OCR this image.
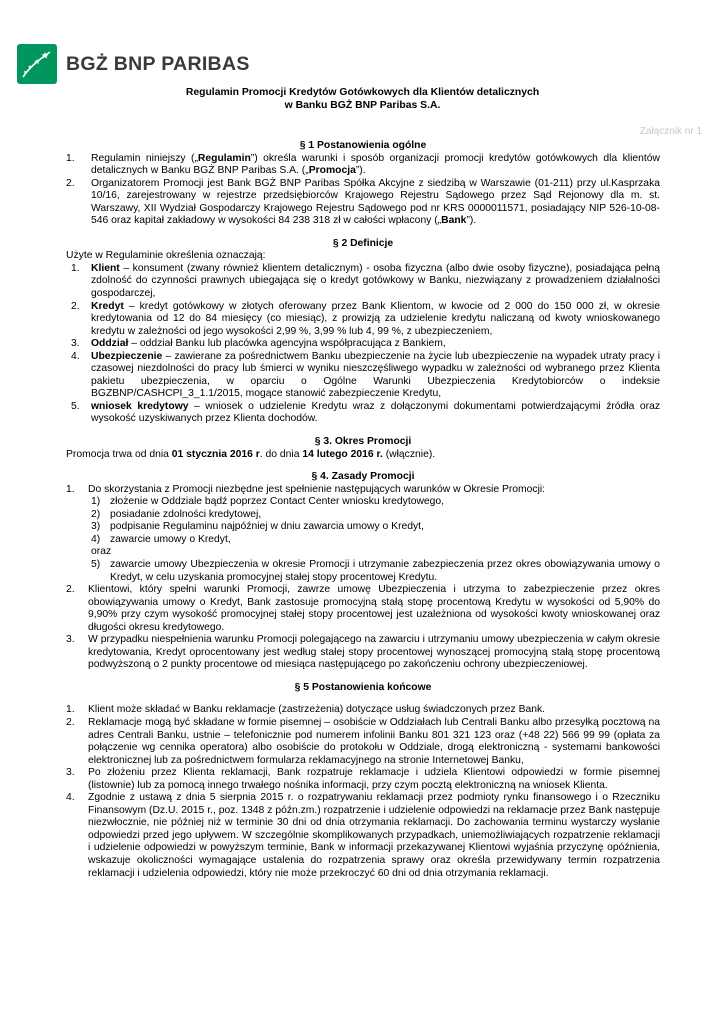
BGŻ BNP PARIBAS
Regulamin Promocji Kredytów Gotówkowych dla Klientów detalicznych
w Banku BGŻ BNP Paribas S.A.
Załącznik nr 1
§ 1 Postanowienia ogólne
1. Regulamin niniejszy („Regulamin”) określa warunki i sposób organizacji promocji kredytów gotówkowych dla klientów detalicznych w Banku BGŻ BNP Paribas S.A. („Promocja”).
2. Organizatorem Promocji jest Bank BGŻ BNP Paribas Spółka Akcyjne z siedzibą w Warszawie (01-211) przy ul.Kasprzaka 10/16, zarejestrowany w rejestrze przedsiębiorców Krajowego Rejestru Sądowego przez Sąd Rejonowy dla m. st. Warszawy, XII Wydział Gospodarczy Krajowego Rejestru Sądowego pod nr KRS 0000011571, posiadający NIP 526-10-08-546 oraz kapitał zakładowy w wysokości 84 238 318 zł w całości wpłacony („Bank”).
§ 2 Definicje
Użyte w Regulaminie określenia oznaczają:
1. Klient – konsument (zwany również klientem detalicznym) - osoba fizyczna (albo dwie osoby fizyczne), posiadająca pełną zdolność do czynności prawnych ubiegająca się o kredyt gotówkowy w Banku, niezwiązany z prowadzeniem działalności gospodarczej,
2. Kredyt – kredyt gotówkowy w złotych oferowany przez Bank Klientom, w kwocie od 2 000 do 150 000 zł, w okresie kredytowania od 12 do 84 miesięcy (co miesiąc), z prowizją za udzielenie kredytu naliczaną od kwoty wnioskowanego kredytu w zależności od jego wysokości 2,99 %, 3,99 % lub 4, 99 %, z ubezpieczeniem,
3. Oddział – oddział Banku lub placówka agencyjna współpracująca z Bankiem,
4. Ubezpieczenie – zawierane za pośrednictwem Banku ubezpieczenie na życie lub ubezpieczenie na wypadek utraty pracy i czasowej niezdolności do pracy lub śmierci w wyniku nieszczęśliwego wypadku w zależności od wybranego przez Klienta pakietu ubezpieczenia, w oparciu o Ogólne Warunki Ubezpieczenia Kredytobiorców o indeksie BGZBNP/CASHCPI_3_1.1/2015, mogące stanowić zabezpieczenie Kredytu,
5. wniosek kredytowy – wniosek o udzielenie Kredytu wraz z dołączonymi dokumentami potwierdzającymi źródła oraz wysokość uzyskiwanych przez Klienta dochodów.
§ 3. Okres Promocji
Promocja trwa od dnia 01 stycznia 2016 r. do dnia 14 lutego 2016 r. (włącznie).
§ 4. Zasady Promocji
1. Do skorzystania z Promocji niezbędne jest spełnienie następujących warunków w Okresie Promocji:
1) złożenie w Oddziale bądź poprzez Contact Center wniosku kredytowego,
2) posiadanie zdolności kredytowej,
3) podpisanie Regulaminu najpóźniej w dniu zawarcia umowy o Kredyt,
4) zawarcie umowy o Kredyt,
oraz
5) zawarcie umowy Ubezpieczenia w okresie Promocji i utrzymanie zabezpieczenia przez okres obowiązywania umowy o Kredyt, w celu uzyskania promocyjnej stałej stopy procentowej Kredytu.
2. Klientowi, który spełni warunki Promocji, zawrze umowę Ubezpieczenia i utrzyma to zabezpieczenie przez okres obowiązywania umowy o Kredyt, Bank zastosuje promocyjną stałą stopę procentową Kredytu w wysokości od 5,90% do 9,90% przy czym wysokość promocyjnej stałej stopy procentowej jest uzależniona od wysokości kwoty wnioskowanej oraz długości okresu kredytowego.
3. W przypadku niespełnienia warunku Promocji polegającego na zawarciu i utrzymaniu umowy ubezpieczenia w całym okresie kredytowania, Kredyt oprocentowany jest według stałej stopy procentowej wynoszącej promocyjną stałą stopę procentową podwyższoną o 2 punkty procentowe od miesiąca następującego po zakończeniu ochrony ubezpieczeniowej.
§ 5 Postanowienia końcowe
1. Klient może składać w Banku reklamacje (zastrzeżenia) dotyczące usług świadczonych przez Bank.
2. Reklamacje mogą być składane w formie pisemnej – osobiście w Oddziałach lub Centrali Banku albo przesyłką pocztową na adres Centrali Banku, ustnie – telefonicznie pod numerem infolinii Banku 801 321 123 oraz (+48 22) 566 99 99 (opłata za połączenie wg cennika operatora) albo osobiście do protokołu w Oddziale, drogą elektroniczną - systemami bankowości elektronicznej lub za pośrednictwem formularza reklamacyjnego na stronie Internetowej Banku,
3. Po złożeniu przez Klienta reklamacji, Bank rozpatruje reklamacje i udziela Klientowi odpowiedzi w formie pisemnej (listownie) lub za pomocą innego trwałego nośnika informacji, przy czym pocztą elektroniczną na wniosek Klienta.
4. Zgodnie z ustawą z dnia 5 sierpnia 2015 r. o rozpatrywaniu reklamacji przez podmioty rynku finansowego i o Rzeczniku Finansowym (Dz.U. 2015 r., poz. 1348 z późn.zm.) rozpatrzenie i udzielenie odpowiedzi na reklamacje przez Bank następuje niezwłocznie, nie później niż w terminie 30 dni od dnia otrzymania reklamacji. Do zachowania terminu wystarczy wysłanie odpowiedzi przed jego upływem. W szczególnie skomplikowanych przypadkach, uniemożliwiających rozpatrzenie reklamacji i udzielenie odpowiedzi w powyższym terminie, Bank w informacji przekazywanej Klientowi wyjaśnia przyczynę opóźnienia, wskazuje okoliczności wymagające ustalenia do rozpatrzenia sprawy oraz określa przewidywany termin rozpatrzenia reklamacji i udzielenia odpowiedzi, który nie może przekroczyć 60 dni od dnia otrzymania reklamacji.
